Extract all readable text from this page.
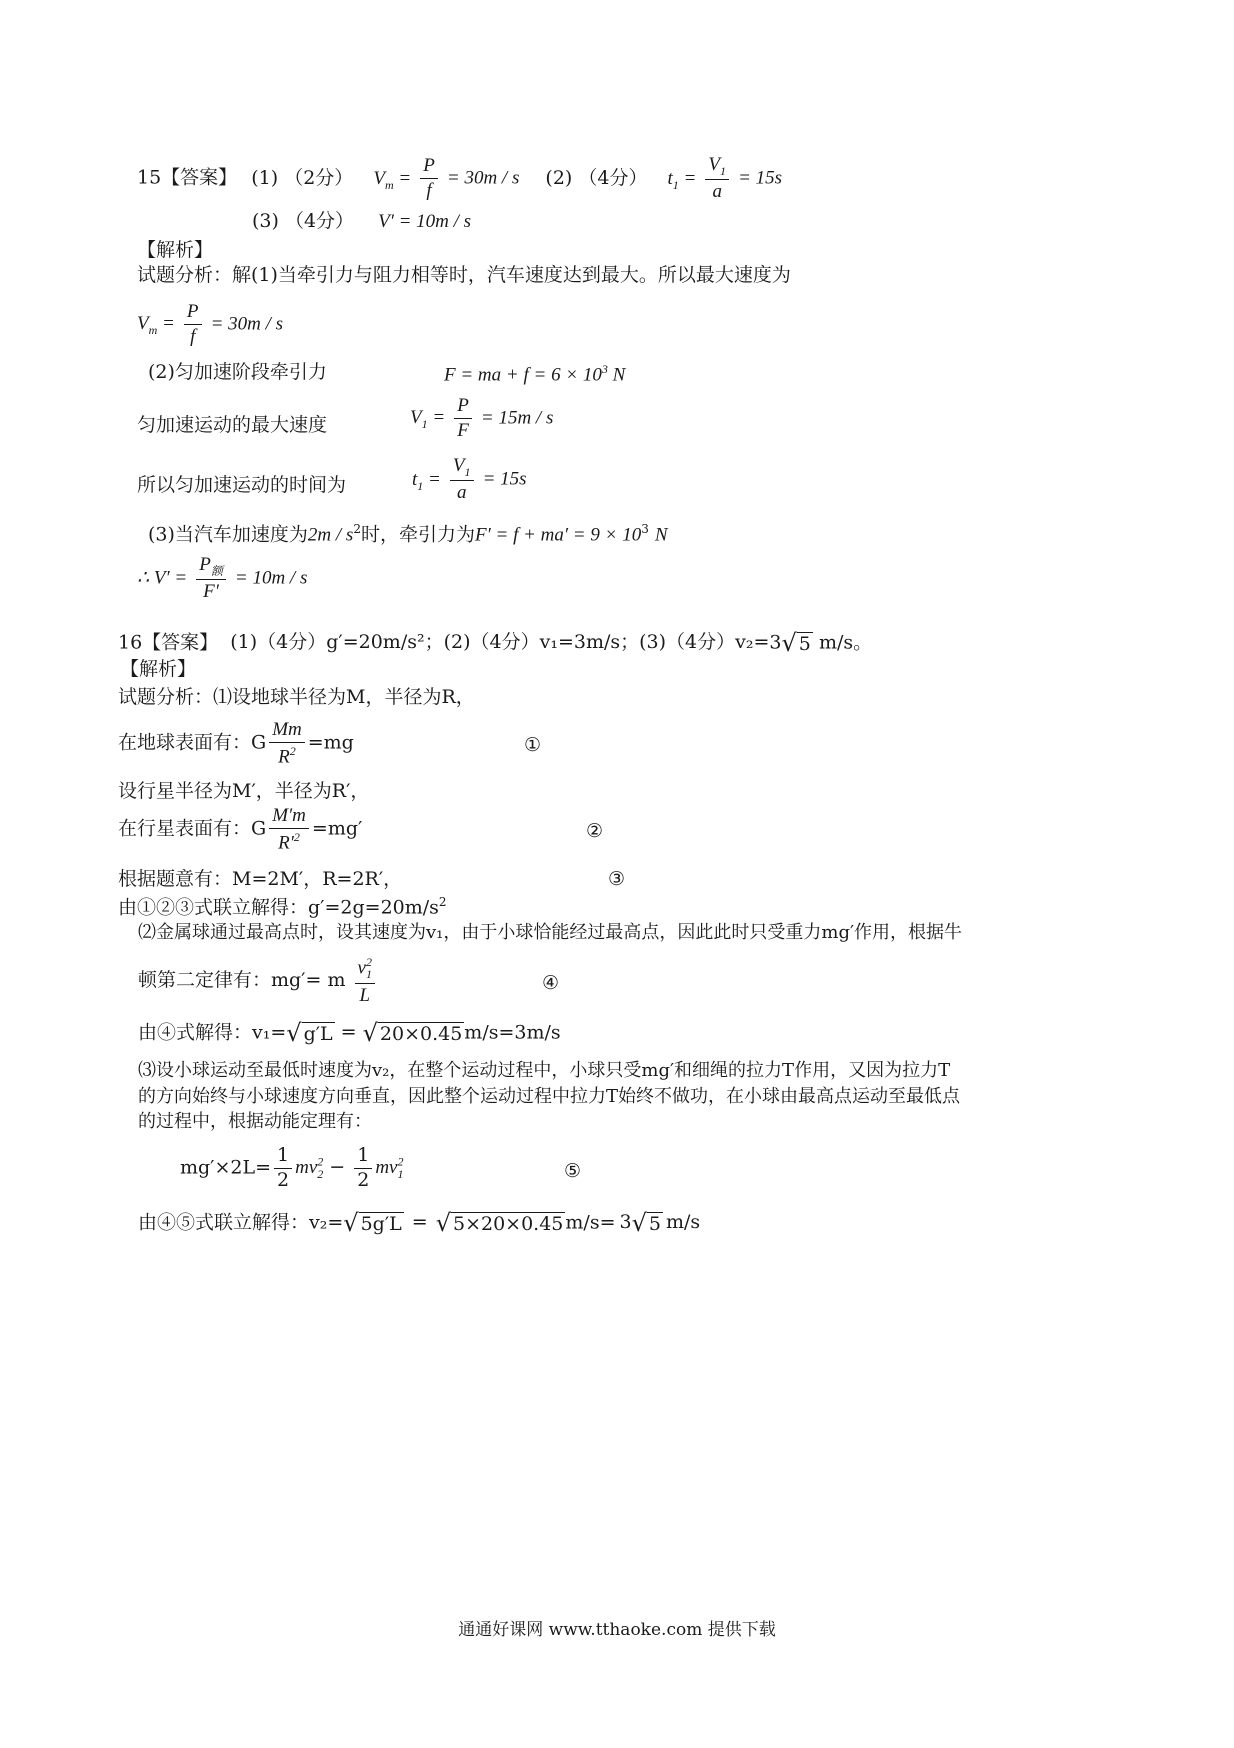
15【答案】 (1) （2分） $V_m = \frac{P}{f} = 30m / s$ (2) （4分） $t_1 = \frac{V_1}{a} = 15s$
(3) （4分） V′ = 10m / s
【解析】
试题分析：解(1)当牵引力与阻力相等时，汽车速度达到最大。所以最大速度为
$V_m = \frac{P}{f} = 30m / s$
(2)匀加速阶段牵引力	F = ma + $f = 6 \times 10^3$ N
匀加速运动的最大速度	$V_1 = \frac{P}{F} = 15m / s$
所以匀加速运动的时间为	$t_1 = \frac{V_1}{a} = 15s$
(3)当汽车加速度为$2m / s^2$时，牵引力为$F' = f + ma' = 9 \times 10^3$ N
∴ $V' = \frac{P_额}{F'} = 10m / s$
16【答案】 (1)（4分）g′=20m/s²；(2)（4分）v₁=3m/s；(3)（4分）v₂=3 √ 5 m/s。
【解析】
试题分析：⑴设地球半径为M，半径为R，
在地球表面有：G $\frac{Mm}{R^2} =mg$	①
设行星半径为M′，半径为R′，
在行星表面有：G $\frac{M'm}{R'^2} =mg'$	②
根据题意有：M=2M′，R=2R′，	③
由①②③式联立解得：$g'=2g=20m/s^2$
⑵金属球通过最高点时，设其速度为v₁，由于小球恰能经过最高点，因此此时只受重力mg′作用，根据牛
顿第二定律有：mg′= m $\frac{v^2_1}{L}$	④
由④式解得：v₁= √ g′L = √ 20×0.45 m/s=3m/s
⑶设小球运动至最低时速度为v₂，在整个运动过程中，小球只受mg′和细绳的拉力T作用，又因为拉力T
的方向始终与小球速度方向垂直，因此整个运动过程中拉力T始终不做功，在小球由最高点运动至最低点
的过程中，根据动能定理有：
$mg'\times 2L= \frac{1}{2} mv^2_2 - \frac{1}{2} mv^2_1$	⑤
由④⑤式联立解得：v₂= √ 5g′L = √ 5×20×0.45 m/s= 3 √ 5 m/s
通通好课网 www.tthaoke.com 提供下载
